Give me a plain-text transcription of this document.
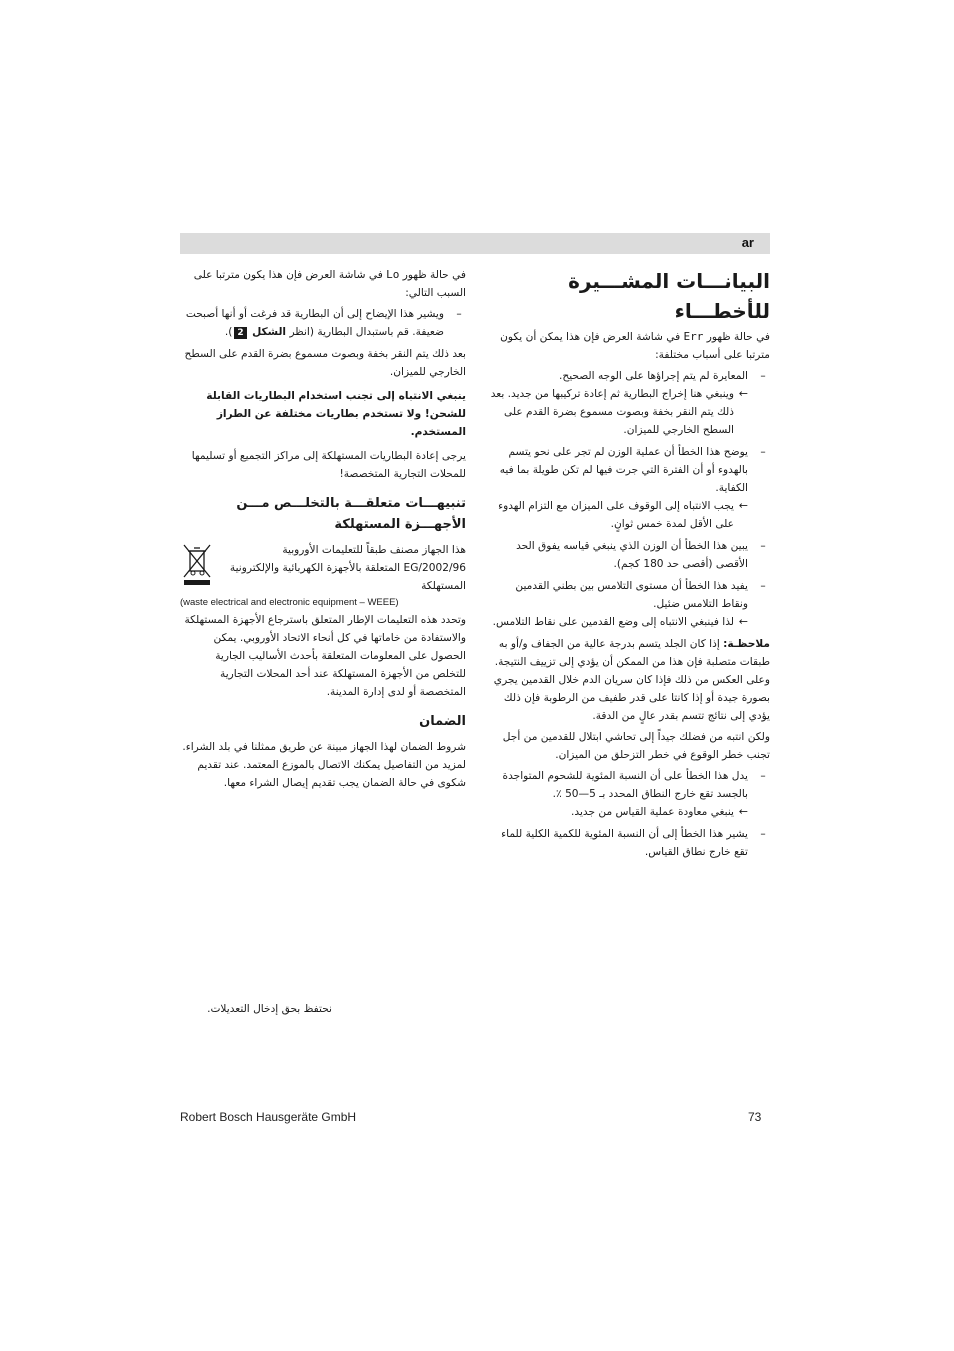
ar
البيانـــات المشـــيرة للأخطـــاء

في حالة ظهور Err في شاشة العرض فإن هذا يمكن أن يكون مترتبا على أسباب مختلفة:

–
المعايرة لم يتم إجراؤها على الوجه الصحيح.
←
وينبغي هنا إخراج البطارية ثم إعادة تركيبها من جديد. بعد ذلك يتم النقر بخفة وبصوت مسموع بضرة القدم على السطح الخارجي للميزان.
–
يوضح هذا الخطأ أن عملية الوزن لم تجر على نحو يتسم بالهدوء أو أن الفترة التي جرت فيها لم تكن طويلة بما فيه الكفاية.
←
يجب الانتباه إلى الوقوف على الميزان مع التزام الهدوء على الأقل لمدة خمس ثوانٍ.
–
يبين هذا الخطأ أن الوزن الذي ينبغي قياسه يفوق الحد الأقصى (أقصى حد 180 كجم).
–
يفيد هذا الخطأ أن مستوى التلامس بين بطني القدمين ونقاط التلامس ضئيل.
←
لذا فينبغي الانتباه إلى وضع القدمين على نقاط التلامس.

ملاحظـة: إذا كان الجلد يتسم بدرجة عالية من الجفاف و/أو به طبقات متصلبة فإن هذا من الممكن أن يؤدي إلى تزييف النتيجة. وعلى العكس من ذلك فإذا كان سريان الدم خلال القدمين يجري بصورة جيدة أو إذا كانتا على قدر طفيف من الرطوبة فإن ذلك يؤدي إلى نتائج تتسم بقدر عالٍ من الدقة.

ولكن انتبه من فضلك جيداً إلى تحاشي ابتلال للقدمين من أجل تجنب خطر الوقوع في خطر التزحلق من الميزان.

–
يدل هذا الخطأ على أن النسبة المئوية للشحوم المتواجدة بالجسد تقع خارج النطاق المحدد بـ 5—50 ٪.
←
ينبغي معاودة عملية القياس من جديد.
–
يشير هذا الخطأ إلى أن النسبة المئوية للكمية الكلية للماء تقع خارج نطاق القياس.

في حالة ظهور Lo في شاشة العرض فإن هذا يكون مترتبا على السبب التالي:

–
ويشير هذا الإيضاح إلى أن البطارية قد فرغت أو أنها أصبحت ضعيفة. قم باستبدال البطارية (انظر الشكل 2).

بعد ذلك يتم النقر بخفة وبصوت مسموع بضرة القدم على السطح الخارجي للميزان.

ينبغي الانتباه إلى تجنب استخدام البطاريات القابلة للشحن! ولا تستخدم بطاريات مختلفة عن الطراز المستخدم.

يرجى إعادة البطاريات المستهلكة إلى مراكز التجميع أو تسليمها للمحلات التجارية المتخصصة!

تنبيهـــات متعلقـــة بالتخلـــص مـــن الأجهـــزة المستهلكة
هذا الجهاز مصنف طبقاً للتعليمات الأوروبية 2002/96/EG المتعلقة بالأجهزة الكهربائية والإلكترونية المستهلكة
(waste electrical and electronic equipment – WEEE)

وتحدد هذه التعليمات الإطار المتعلق باسترجاع الأجهزة المستهلكة والاستفادة من خاماتها في كل أنحاء الاتحاد الأوروبي. يمكن الحصول على المعلومات المتعلقة بأحدث الأساليب الجارية للتخلص من الأجهزة المستهلكة عند أحد المحلات التجارية المتخصصة أو لدى إدارة المدينة.

الضمان

شروط الضمان لهذا الجهاز مبينة عن طريق ممثلنا في بلد الشراء. لمزيد من التفاصيل يمكنك الاتصال بالموزع المعتمد. عند تقديم شكوى في حالة الضمان يجب تقديم إيصال الشراء معها.

نحتفظ بحق إدخال التعديلات.
Robert Bosch Hausgeräte GmbH	73
